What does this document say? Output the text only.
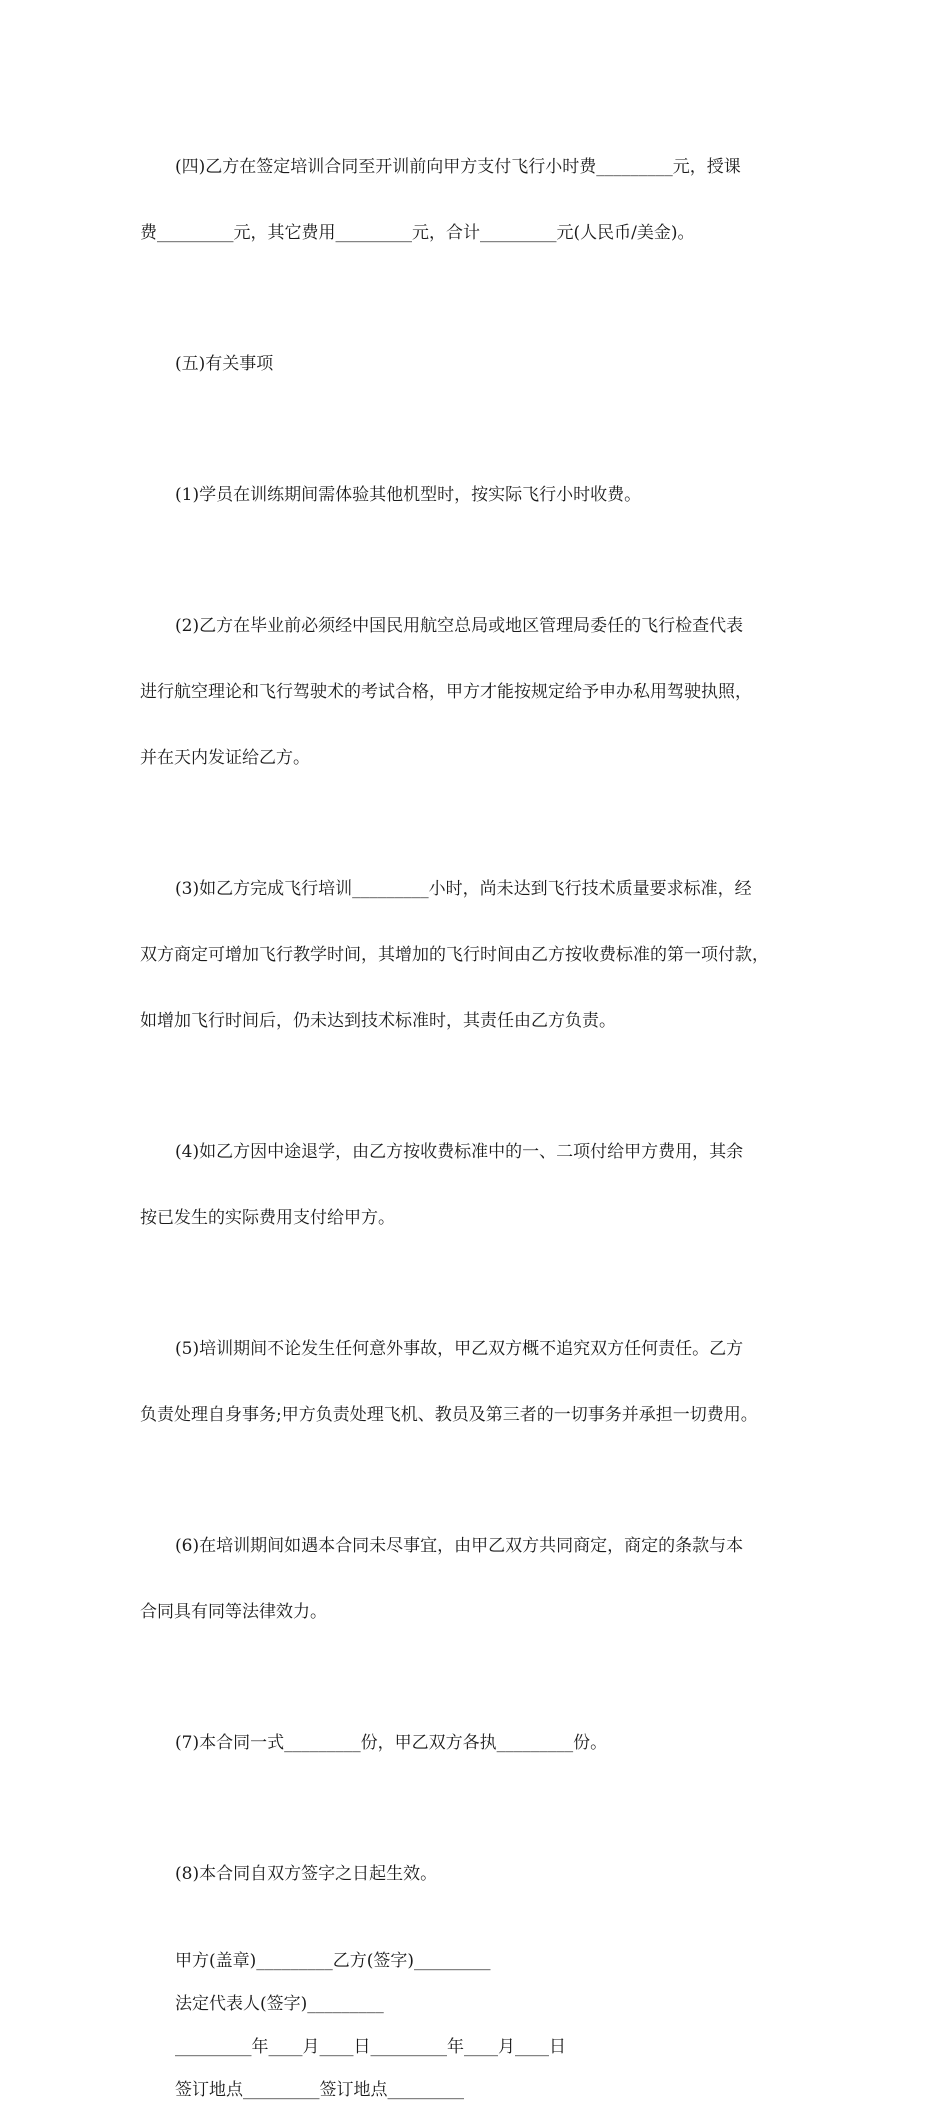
(四)乙方在签定培训合同至开训前向甲方支付飞行小时费_________元，授课

费_________元，其它费用_________元，合计_________元(人民币/美金)。

(五)有关事项

(1)学员在训练期间需体验其他机型时，按实际飞行小时收费。

(2)乙方在毕业前必须经中国民用航空总局或地区管理局委任的飞行检查代表

进行航空理论和飞行驾驶术的考试合格，甲方才能按规定给予申办私用驾驶执照，

并在天内发证给乙方。

(3)如乙方完成飞行培训_________小时，尚未达到飞行技术质量要求标准，经

双方商定可增加飞行教学时间，其增加的飞行时间由乙方按收费标准的第一项付款，

如增加飞行时间后，仍未达到技术标准时，其责任由乙方负责。

(4)如乙方因中途退学，由乙方按收费标准中的一、二项付给甲方费用，其余

按已发生的实际费用支付给甲方。

(5)培训期间不论发生任何意外事故，甲乙双方概不追究双方任何责任。乙方

负责处理自身事务;甲方负责处理飞机、教员及第三者的一切事务并承担一切费用。

(6)在培训期间如遇本合同未尽事宜，由甲乙双方共同商定，商定的条款与本

合同具有同等法律效力。

(7)本合同一式_________份，甲乙双方各执_________份。

(8)本合同自双方签字之日起生效。

甲方(盖章)_________乙方(签字)_________
法定代表人(签字)_________
_________年____月____日_________年____月____日
签订地点_________签订地点_________
